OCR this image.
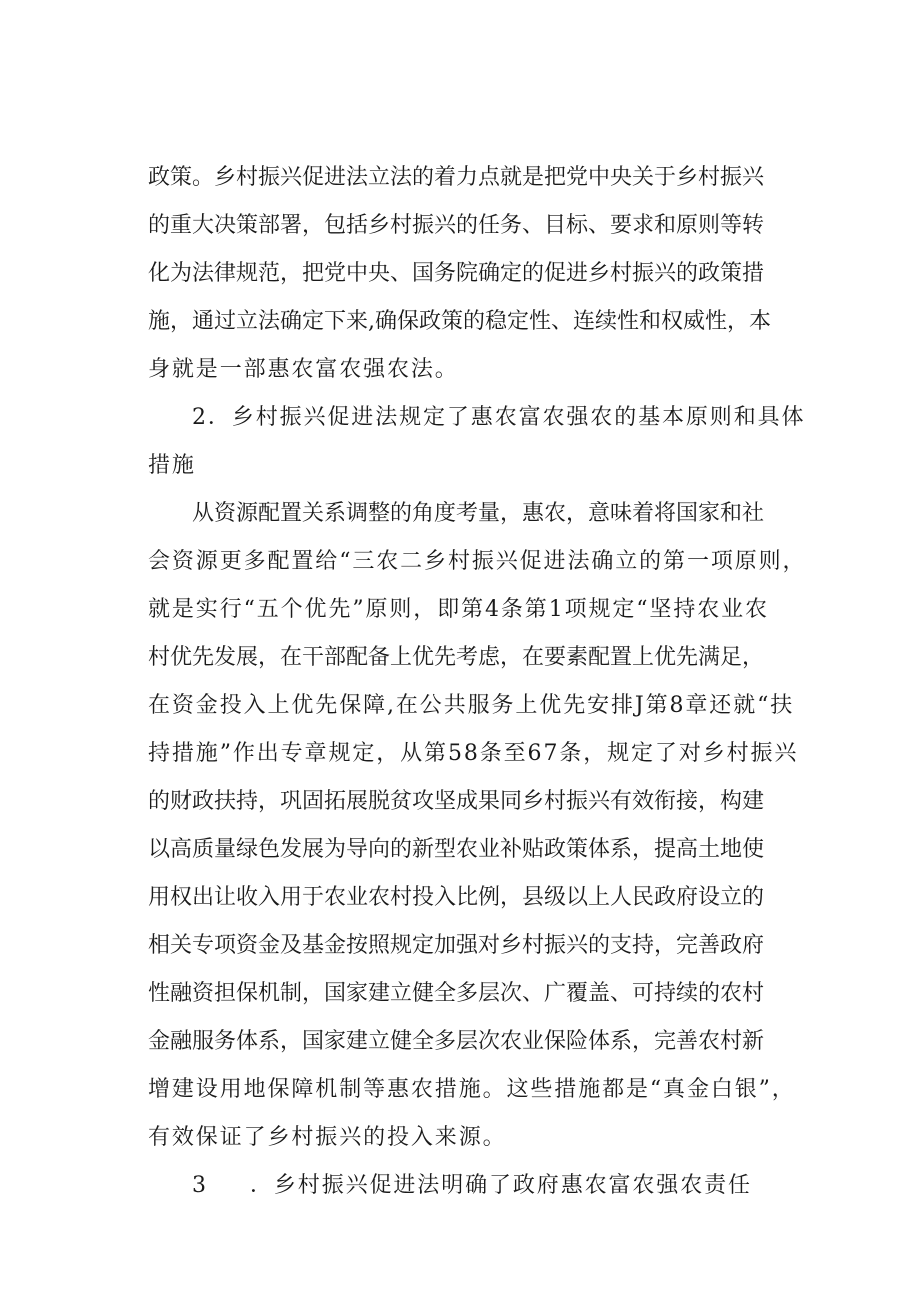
政策。乡村振兴促进法立法的着力点就是把党中央关于乡村振兴
的重大决策部署，包括乡村振兴的任务、目标、要求和原则等转
化为法律规范，把党中央、国务院确定的促进乡村振兴的政策措
施，通过立法确定下来,确保政策的稳定性、连续性和权威性，本
身就是一部惠农富农强农法。
2．乡村振兴促进法规定了惠农富农强农的基本原则和具体
措施
从资源配置关系调整的角度考量，惠农，意味着将国家和社
会资源更多配置给“三农二乡村振兴促进法确立的第一项原则，
就是实行“五个优先”原则，即第4条第1项规定“坚持农业农
村优先发展，在干部配备上优先考虑，在要素配置上优先满足，
在资金投入上优先保障,在公共服务上优先安排J第8章还就“扶
持措施”作出专章规定，从第58条至67条，规定了对乡村振兴
的财政扶持，巩固拓展脱贫攻坚成果同乡村振兴有效衔接，构建
以高质量绿色发展为导向的新型农业补贴政策体系，提高土地使
用权出让收入用于农业农村投入比例，县级以上人民政府设立的
相关专项资金及基金按照规定加强对乡村振兴的支持，完善政府
性融资担保机制，国家建立健全多层次、广覆盖、可持续的农村
金融服务体系，国家建立健全多层次农业保险体系，完善农村新
增建设用地保障机制等惠农措施。这些措施都是“真金白银”，
有效保证了乡村振兴的投入来源。
3	．乡村振兴促进法明确了政府惠农富农强农责任
